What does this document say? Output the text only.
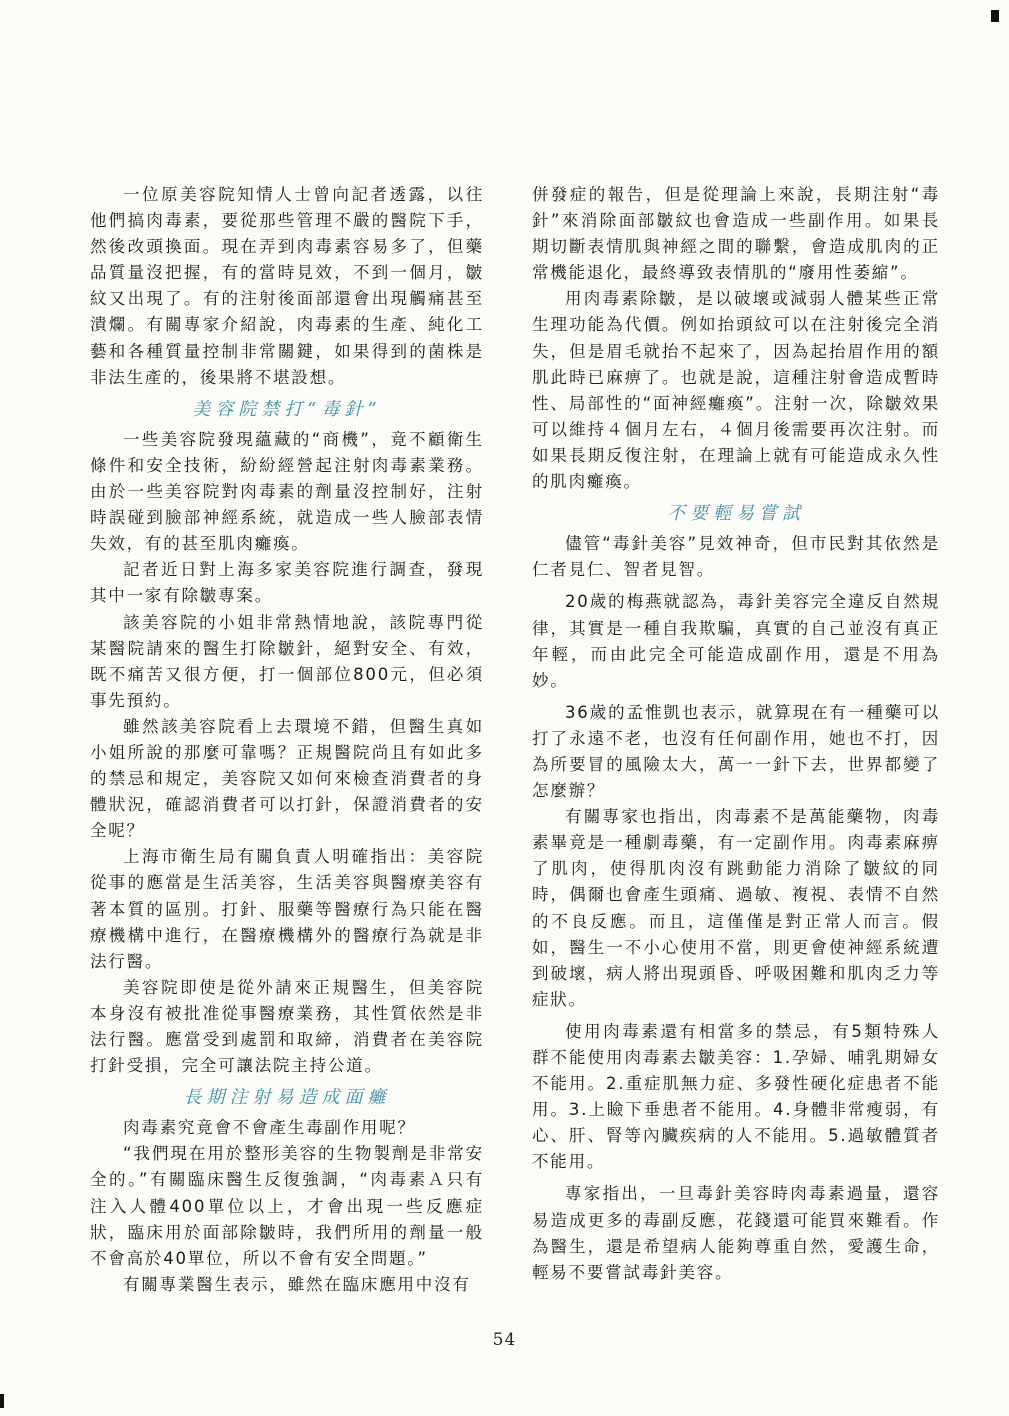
一位原美容院知情人士曾向記者透露，以往他們搞肉毒素，要從那些管理不嚴的醫院下手，然後改頭換面。現在弄到肉毒素容易多了，但藥品質量沒把握，有的當時見效，不到一個月，皺紋又出現了。有的注射後面部還會出現觸痛甚至潰爛。有關專家介紹說，肉毒素的生產、純化工藝和各種質量控制非常關鍵，如果得到的菌株是非法生產的，後果將不堪設想。

美容院禁打“毒針”

一些美容院發現蘊藏的“商機”，竟不顧衛生條件和安全技術，紛紛經營起注射肉毒素業務。由於一些美容院對肉毒素的劑量沒控制好，注射時誤碰到臉部神經系統，就造成一些人臉部表情失效，有的甚至肌肉癱瘓。

記者近日對上海多家美容院進行調查，發現其中一家有除皺專案。

該美容院的小姐非常熱情地說，該院專門從某醫院請來的醫生打除皺針，絕對安全、有效，既不痛苦又很方便，打一個部位800元，但必須事先預約。

雖然該美容院看上去環境不錯，但醫生真如小姐所說的那麼可靠嗎？正規醫院尚且有如此多的禁忌和規定，美容院又如何來檢查消費者的身體狀況，確認消費者可以打針，保證消費者的安全呢？

上海市衛生局有關負責人明確指出：美容院從事的應當是生活美容，生活美容與醫療美容有著本質的區別。打針、服藥等醫療行為只能在醫療機構中進行，在醫療機構外的醫療行為就是非法行醫。

美容院即使是從外請來正規醫生，但美容院本身沒有被批准從事醫療業務，其性質依然是非法行醫。應當受到處罰和取締，消費者在美容院打針受損，完全可讓法院主持公道。

長期注射易造成面癱

肉毒素究竟會不會產生毒副作用呢？

“我們現在用於整形美容的生物製劑是非常安全的。”有關臨床醫生反復強調，“肉毒素Ａ只有注入人體400單位以上，才會出現一些反應症狀，臨床用於面部除皺時，我們所用的劑量一般不會高於40單位，所以不會有安全問題。”

有關專業醫生表示，雖然在臨床應用中沒有

併發症的報告，但是從理論上來說，長期注射“毒針”來消除面部皺紋也會造成一些副作用。如果長期切斷表情肌與神經之間的聯繫，會造成肌肉的正常機能退化，最終導致表情肌的“廢用性萎縮”。

用肉毒素除皺，是以破壞或減弱人體某些正常生理功能為代價。例如抬頭紋可以在注射後完全消失，但是眉毛就抬不起來了，因為起抬眉作用的額肌此時已麻痹了。也就是說，這種注射會造成暫時性、局部性的“面神經癱瘓”。注射一次，除皺效果可以維持４個月左右，４個月後需要再次注射。而如果長期反復注射，在理論上就有可能造成永久性的肌肉癱瘓。

不要輕易嘗試

儘管“毒針美容”見效神奇，但市民對其依然是仁者見仁、智者見智。

20歲的梅燕就認為，毒針美容完全違反自然規律，其實是一種自我欺騙，真實的自己並沒有真正年輕，而由此完全可能造成副作用，還是不用為妙。

36歲的孟惟凱也表示，就算現在有一種藥可以打了永遠不老，也沒有任何副作用，她也不打，因為所要冒的風險太大，萬一一針下去，世界都變了怎麼辦？

有關專家也指出，肉毒素不是萬能藥物，肉毒素畢竟是一種劇毒藥，有一定副作用。肉毒素麻痹了肌肉，使得肌肉沒有跳動能力消除了皺紋的同時，偶爾也會產生頭痛、過敏、複視、表情不自然的不良反應。而且，這僅僅是對正常人而言。假如，醫生一不小心使用不當，則更會使神經系統遭到破壞，病人將出現頭昏、呼吸困難和肌肉乏力等症狀。

使用肉毒素還有相當多的禁忌，有5類特殊人群不能使用肉毒素去皺美容：1.孕婦、哺乳期婦女不能用。2.重症肌無力症、多發性硬化症患者不能用。3.上瞼下垂患者不能用。4.身體非常瘦弱，有心、肝、腎等內臟疾病的人不能用。5.過敏體質者不能用。

專家指出，一旦毒針美容時肉毒素過量，還容易造成更多的毒副反應，花錢還可能買來難看。作為醫生，還是希望病人能夠尊重自然，愛護生命，輕易不要嘗試毒針美容。

54
